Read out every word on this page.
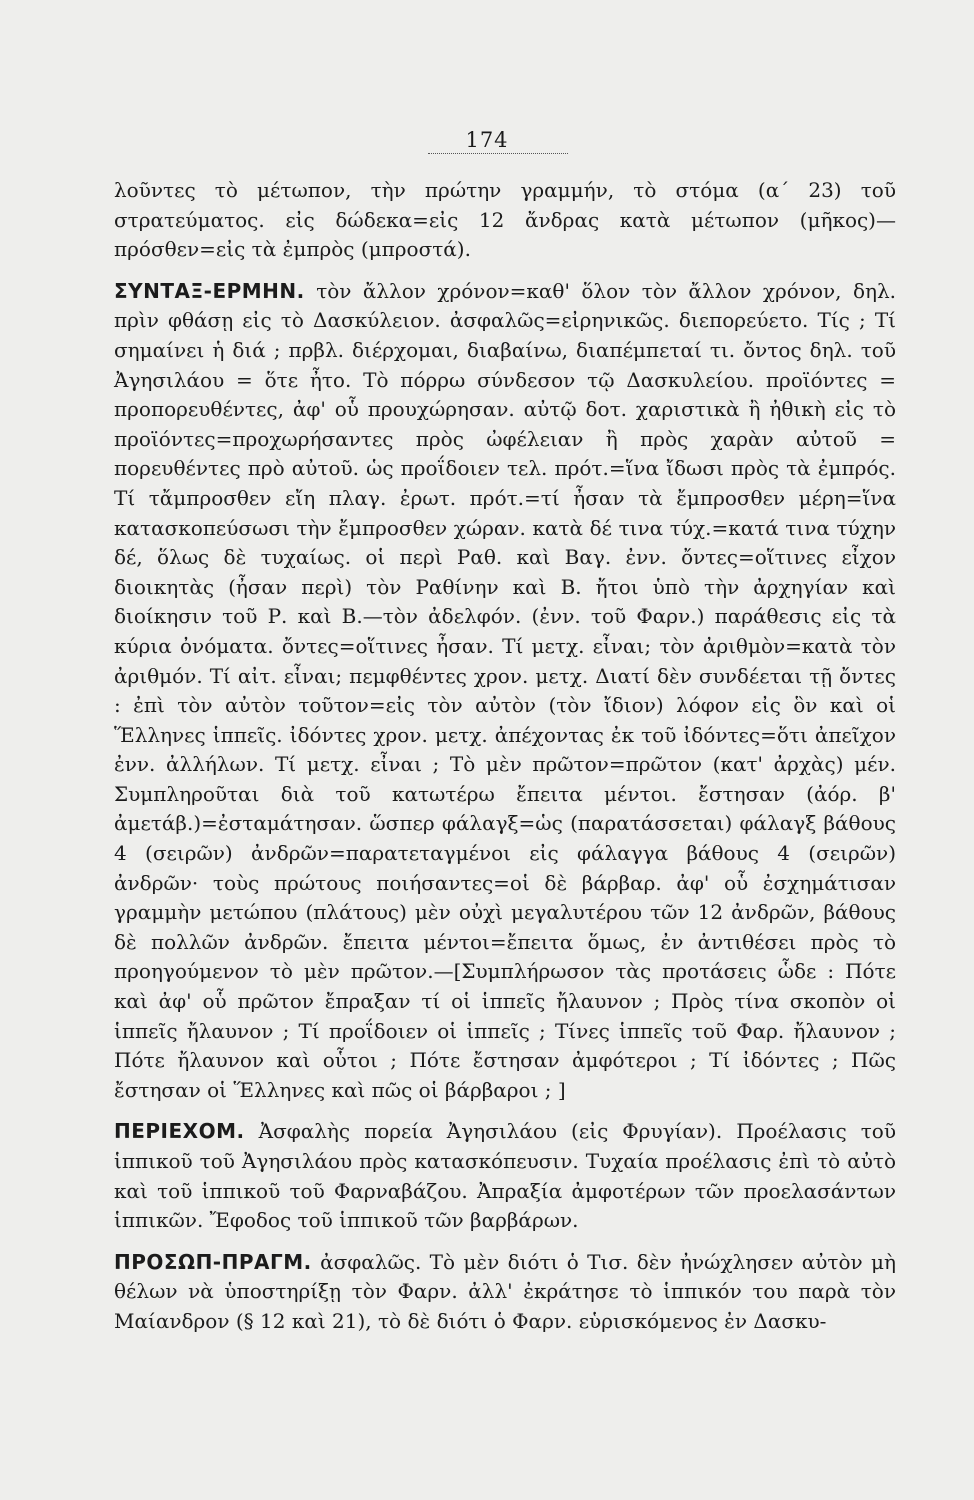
174

λοῦντες τὸ μέτωπον, τὴν πρώτην γραμμήν, τὸ στόμα (α΄ 23) τοῦ στρατεύματος. εἰς δώδεκα=εἰς 12 ἄνδρας κατὰ μέτωπον (μῆκος)—πρόσθεν=εἰς τὰ ἐμπρὸς (μπροστά).

ΣΥΝΤΑΞ-ΕΡΜΗΝ. τὸν ἄλλον χρόνον=καθ' ὅλον τὸν ἄλλον χρόνον, δηλ. πρὶν φθάσῃ εἰς τὸ Δασκύλειον. ἀσφαλῶς=εἰρηνικῶς. διεπορεύετο. Τίς ; Τί σημαίνει ἡ διά ; πρβλ. διέρχομαι, διαβαίνω, διαπέμπεταί τι. ὄντος δηλ. τοῦ Ἀγησιλάου = ὅτε ἦτο. Τὸ πόρρω σύνδεσον τῷ Δασκυλείου. προϊόντες = προπορευθέντες, ἀφ' οὗ προυχώρησαν. αὐτῷ δοτ. χαριστικὰ ἢ ἠθικὴ εἰς τὸ προϊόντες=προχωρήσαντες πρὸς ὠφέλειαν ἢ πρὸς χαρὰν αὐτοῦ = πορευθέντες πρὸ αὐτοῦ. ὡς προΐδοιεν τελ. πρότ.=ἵνα ἴδωσι πρὸς τὰ ἐμπρός. Τί τἄμπροσθεν εἴη πλαγ. ἐρωτ. πρότ.=τί ἦσαν τὰ ἔμπροσθεν μέρη=ἵνα κατασκοπεύσωσι τὴν ἔμπροσθεν χώραν. κατὰ δέ τινα τύχ.=κατά τινα τύχην δέ, ὅλως δὲ τυχαίως. οἱ περὶ Ραθ. καὶ Βαγ. ἐνν. ὄντες=οἵτινες εἶχον διοικητὰς (ἦσαν περὶ) τὸν Ραθίνην καὶ Β. ἤτοι ὑπὸ τὴν ἀρχηγίαν καὶ διοίκησιν τοῦ Ρ. καὶ Β.—τὸν ἀδελφόν. (ἐνν. τοῦ Φαρν.) παράθεσις εἰς τὰ κύρια ὀνόματα. ὄντες=οἵτινες ἦσαν. Τί μετχ. εἶναι; τὸν ἀριθμὸν=κατὰ τὸν ἀριθμόν. Τί αἰτ. εἶναι; πεμφθέντες χρον. μετχ. Διατί δὲν συνδέεται τῇ ὄντες : ἐπὶ τὸν αὐτὸν τοῦτον=εἰς τὸν αὐτὸν (τὸν ἴδιον) λόφον εἰς ὃν καὶ οἱ Ἕλληνες ἱππεῖς. ἰδόντες χρον. μετχ. ἀπέχοντας ἐκ τοῦ ἰδόντες=ὅτι ἀπεῖχον ἐνν. ἀλλήλων. Τί μετχ. εἶναι ; Τὸ μὲν πρῶτον=πρῶτον (κατ' ἀρχὰς) μέν. Συμπληροῦται διὰ τοῦ κατωτέρω ἔπειτα μέντοι. ἔστησαν (ἀόρ. β' ἀμετάβ.)=ἐσταμάτησαν. ὥσπερ φάλαγξ=ὡς (παρατάσσεται) φάλαγξ βάθους 4 (σειρῶν) ἀνδρῶν=παρατεταγμένοι εἰς φάλαγγα βάθους 4 (σειρῶν) ἀνδρῶν· τοὺς πρώτους ποιήσαντες=οἱ δὲ βάρβαρ. ἀφ' οὗ ἐσχημάτισαν γραμμὴν μετώπου (πλάτους) μὲν οὐχὶ μεγαλυτέρου τῶν 12 ἀνδρῶν, βάθους δὲ πολλῶν ἀνδρῶν. ἔπειτα μέντοι=ἔπειτα ὅμως, ἐν ἀντιθέσει πρὸς τὸ προηγούμενον τὸ μὲν πρῶτον.—[Συμπλήρωσον τὰς προτάσεις ὧδε : Πότε καὶ ἀφ' οὗ πρῶτον ἔπραξαν τί οἱ ἱππεῖς ἤλαυνον ; Πρὸς τίνα σκοπὸν οἱ ἱππεῖς ἤλαυνον ; Τί προΐδοιεν οἱ ἱππεῖς ; Τίνες ἱππεῖς τοῦ Φαρ. ἤλαυνον ; Πότε ἤλαυνον καὶ οὗτοι ; Πότε ἔστησαν ἀμφότεροι ; Τί ἰδόντες ; Πῶς ἔστησαν οἱ Ἕλληνες καὶ πῶς οἱ βάρβαροι ; ]

ΠΕΡΙΕΧΟΜ. Ἀσφαλὴς πορεία Ἀγησιλάου (εἰς Φρυγίαν). Προέλασις τοῦ ἱππικοῦ τοῦ Ἀγησιλάου πρὸς κατασκόπευσιν. Τυχαία προέλασις ἐπὶ τὸ αὐτὸ καὶ τοῦ ἱππικοῦ τοῦ Φαρναβάζου. Ἀπραξία ἀμφοτέρων τῶν προελασάντων ἱππικῶν. Ἔφοδος τοῦ ἱππικοῦ τῶν βαρβάρων.

ΠΡΟΣΩΠ-ΠΡΑΓΜ. ἀσφαλῶς. Τὸ μὲν διότι ὁ Τισ. δὲν ἠνώχλησεν αὐτὸν μὴ θέλων νὰ ὑποστηρίξῃ τὸν Φαρν. ἀλλ' ἐκράτησε τὸ ἱππικόν του παρὰ τὸν Μαίανδρον (§ 12 καὶ 21), τὸ δὲ διότι ὁ Φαρν. εὑρισκόμενος ἐν Δασκυ-
